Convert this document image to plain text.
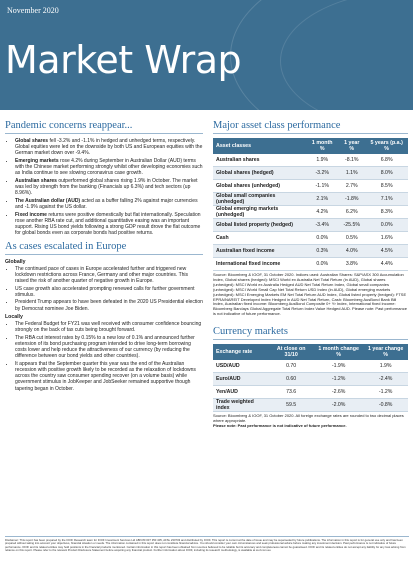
November 2020
Market Wrap
Pandemic concerns reappear...
• Global shares fell -3.2% and -1.1% in hedged and unhedged terms, respectively. Global equities were led on the downside by both US and European equities with the German market down over -9.4%.
• Emerging markets rose 4.2% during September in Australian Dollar (AUD) terms with the Chinese market performing strongly whilst other developing economies such as India continue to see slowing coronavirus case growth.
• Australian shares outperformed global shares rising 1.9% in October. The market was led by strength from the banking (Financials up 6.3%) and tech sectors (up 8.96%).
• The Australian dollar (AUD) acted as a buffer falling 2% against major currencies and -1.9% against the US dollar.
• Fixed income returns were positive domestically but flat internationally. Speculation rose another RBA rate cut, and additional quantitative easing was an important support. Rising US bond yields following a strong GDP result drove the flat outcome for global bonds even as corporate bonds had positive returns.
As cases escalated in Europe
Globally
• The continued pace of cases in Europe accelerated further and triggered new lockdown restrictions across France, Germany and other major countries. This raised the risk of another quarter of negative growth in Europe.
• US case growth also accelerated prompting renewed calls for further government stimulus.
• President Trump appears to have been defeated in the 2020 US Presidential election by Democrat nominee Joe Biden.
Locally
• The Federal Budget for FY21 was well received with consumer confidence bouncing strongly on the back of tax cuts being brought forward.
• The RBA cut interest rates by 0.15% to a new low of 0.1% and announced further extension of its bond purchasing program intended to drive long-term borrowing costs lower and help reduce the attractiveness of our currency (by reducing the difference between our bond yields and other countries).
• It appears that the September quarter this year was the end of the Australian recession with positive growth likely to be recorded as the relaxation of lockdowns across the country saw consumer spending recover (on a volume basis) while government stimulus in JobKeeper and JobSeeker remained supportive though tapering began in October.
Major asset class performance
Asset classes	1 month %	1 year %	5 years (p.a.) %
Australian shares	1.9%	-8.1%	6.8%
Global shares (hedged)	-3.2%	1.1%	8.0%
Global shares (unhedged)	-1.1%	2.7%	8.5%
Global small companies (unhedged)	2.1%	-1.8%	7.1%
Global emerging markets (unhedged)	4.2%	6.2%	8.3%
Global listed property (hedged)	-3.4%	-25.5%	0.0%
Cash	0.0%	0.5%	1.6%
Australian fixed income	0.3%	4.0%	4.5%
International fixed income	0.0%	3.8%	4.4%
Source: Bloomberg & IOOF, 31 October 2020. Indices used: Australian Shares: S&P/ASX 300 Accumulation Index, Global shares (hedged): MSCI World ex Australia Net Total Return (in AUD), Global shares (unhedged): MSCI World ex Australia Hedged AUD Net Total Return Index, Global small companies (unhedged): MSCI World Small Cap Net Total Return USD Index (in AUD), Global emerging markets (unhedged): MSCI Emerging Markets EM Net Total Return AUD Index, Global listed property (hedged): FTSE EPRA/NAREIT Developed Index Hedged in AUD Net Total Return, Cash: Bloomberg AusBond Bank Bill Index, Australian fixed income: Bloomberg AusBond Composite 0+ Yr Index, International fixed income: Bloomberg Barclays Global Aggregate Total Return Index Value Hedged AUD. Please note: Past performance is not indicative of future performance.
Currency markets
Exchange rate	At close on 31/10	1 month change %	1 year change %
USD/AUD	0.70	-1.9%	1.9%
Euro/AUD	0.60	-1.2%	-2.4%
Yen/AUD	73.6	-2.6%	-1.2%
Trade weighted index	59.5	-2.0%	-0.8%
Source: Bloomberg & IOOF, 31 October 2020. All foreign exchange rates are rounded to two decimal places where appropriate.
Please note: Past performance is not indicative of future performance.
Disclaimer: This report has been prepared by the IOOF Research team for IOOF Investment Services Ltd ABN 80 007 350 405, AFSL 230703 and distributed by IOOF. This report is current at the date of issue and may be superseded by future publications. The information in this report is for general use only and has been prepared without taking into account your objectives, financial situation or needs. The information contained in this report does not constitute financial advice. You should consider your own circumstances and seek professional advice before making any investment decision. Past performance is not indicative of future performance. IOOF and its related entities may hold positions in the financial products mentioned. Certain information in this report has been obtained from sources believed to be reliable but its accuracy and completeness cannot be guaranteed. IOOF and its related entities do not accept any liability for any loss arising from reliance on this report. Please refer to the relevant Product Disclosure Statement before acquiring any financial product. Further information about IOOF, including its research methodology, is available at ioof.com.au.
